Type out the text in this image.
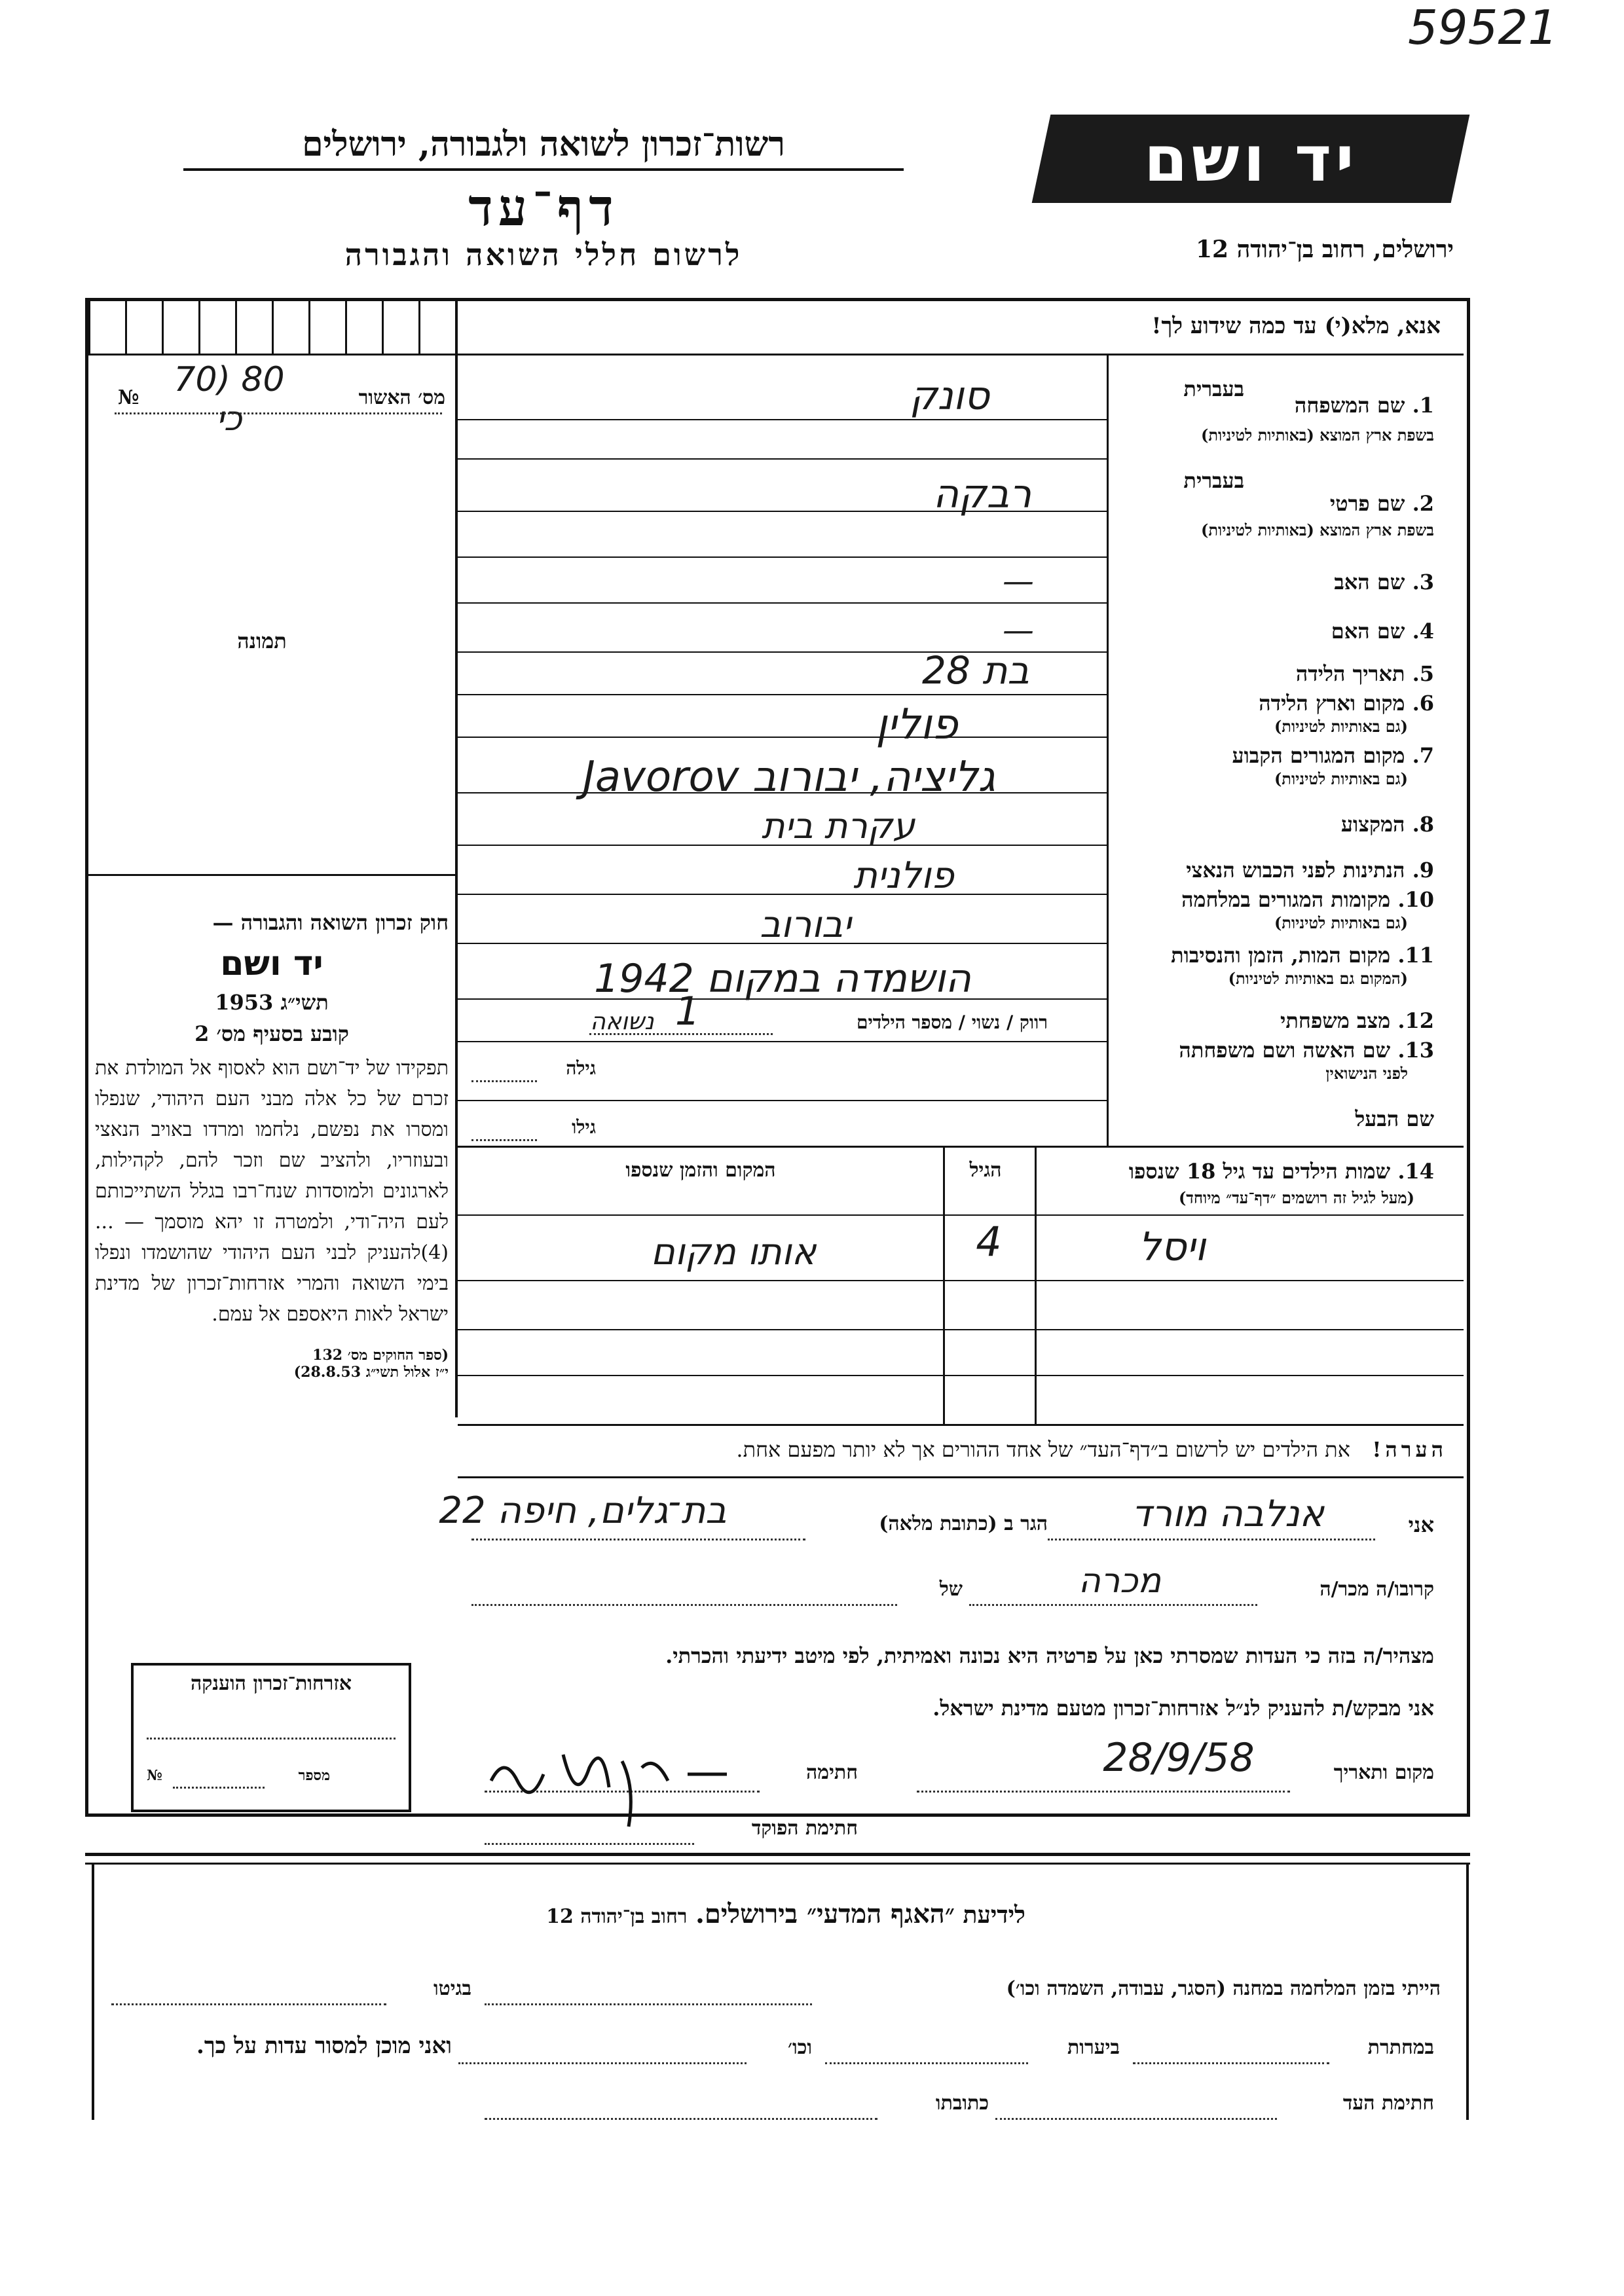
59521
רשות־זכרון לשואה ולגבורה, ירושלים
דף־עד
לרשום חללי השואה והגבורה
יד ושם
ירושלים, רחוב בן־יהודה 12
אנא, מלא(י) עד כמה שידוע לך!
מס׳ האשור
№	80 (70 כי
תמונה
1. שם המשפחה
בעברית
בשפת ארץ המוצא (באותיות לטיניות)
2. שם פרטי
בעברית
בשפת ארץ המוצא (באותיות לטיניות)
3. שם האב
4. שם האם
5. תאריך הלידה
6. מקום וארץ הלידה
(גם באותיות לטיניות)
7. מקום המגורים הקבוע
(גם באותיות לטיניות)
8. המקצוע
9. הנתינות לפני הכבוש הנאצי
10. מקומות המגורים במלחמה
(גם באותיות לטיניות)
11. מקום המות, הזמן והנסיבות
(המקום גם באותיות לטיניות)
12. מצב משפחתי
13. שם האשה ושם משפחתה
לפני הנישואין
שם הבעל
סונק
רבקה
—
—
בת 28
פולין
גליציה, יבורוב Javorov
עקרת בית
פולנית
יבורוב
הושמדה במקום 1942
רווק / נשוי / מספר הילדים
1
נשואה
גילה
גילו
14. שמות הילדים עד גיל 18 שנספו
(מעל לגיל זה רושמים ״דף־עד״ מיוחד)
הגיל
המקום והזמן שנספו
ויסל
4
אותו מקום
חוק זכרון השואה והגבורה —
יד ושם
תשי״ג 1953
קובע בסעיף מס׳ 2
תפקידו של יד־ושם הוא לאסוף אל המולדת את זכרם של כל אלה מבני העם היהודי, שנפלו ומסרו את נפשם, נלחמו ומרדו באויב הנאצי ובעוזריו, ולהציב שם וזכר להם, לקהילות, לארגונים ולמוסדות שנח־רבו בגלל השתייכותם לעם היה־ודי, ולמטרה זו יהא מוסמך — ...(4)להעניק לבני העם היהודי שהושמדו ונפלו בימי השואה והמרי אזרחות־זכרון של מדינת ישראל לאות היאספם אל עמם.
(ספר החוקים מס׳ 132
י״ז אלול תשי״ג 28.8.53)
הערה!   את הילדים יש לרשום ב״דף־העד״ של אחד ההורים אך לא יותר מפעם אחת.
אני
אנלבה מורד
הגר ב (כתובת מלאה)
בת־גלים, חיפה 22
קרובו/ה מכר/ה
מכרה
של
מצהיר/ה בזה כי העדות שמסרתי כאן על פרטיה היא נכונה ואמיתית, לפי מיטב ידיעתי והכרתי.
אני מבקש/ת להעניק לנ״ל אזרחות־זכרון מטעם מדינת ישראל.
מקום ותאריך
28/9/58
חתימה
חתימת הפוקד
אזרחות־זכרון הוענקה
מספר
№
לידיעת ״האגף המדעי״ בירושלים. רחוב בן־יהודה 12
הייתי בזמן המלחמה במחנה (הסגר, עבודה, השמדה וכו׳)
בגיטו
במחתרת
ביערות
וכו׳
ואני מוכן למסור עדות על כך.
חתימת העד
כתובתו
